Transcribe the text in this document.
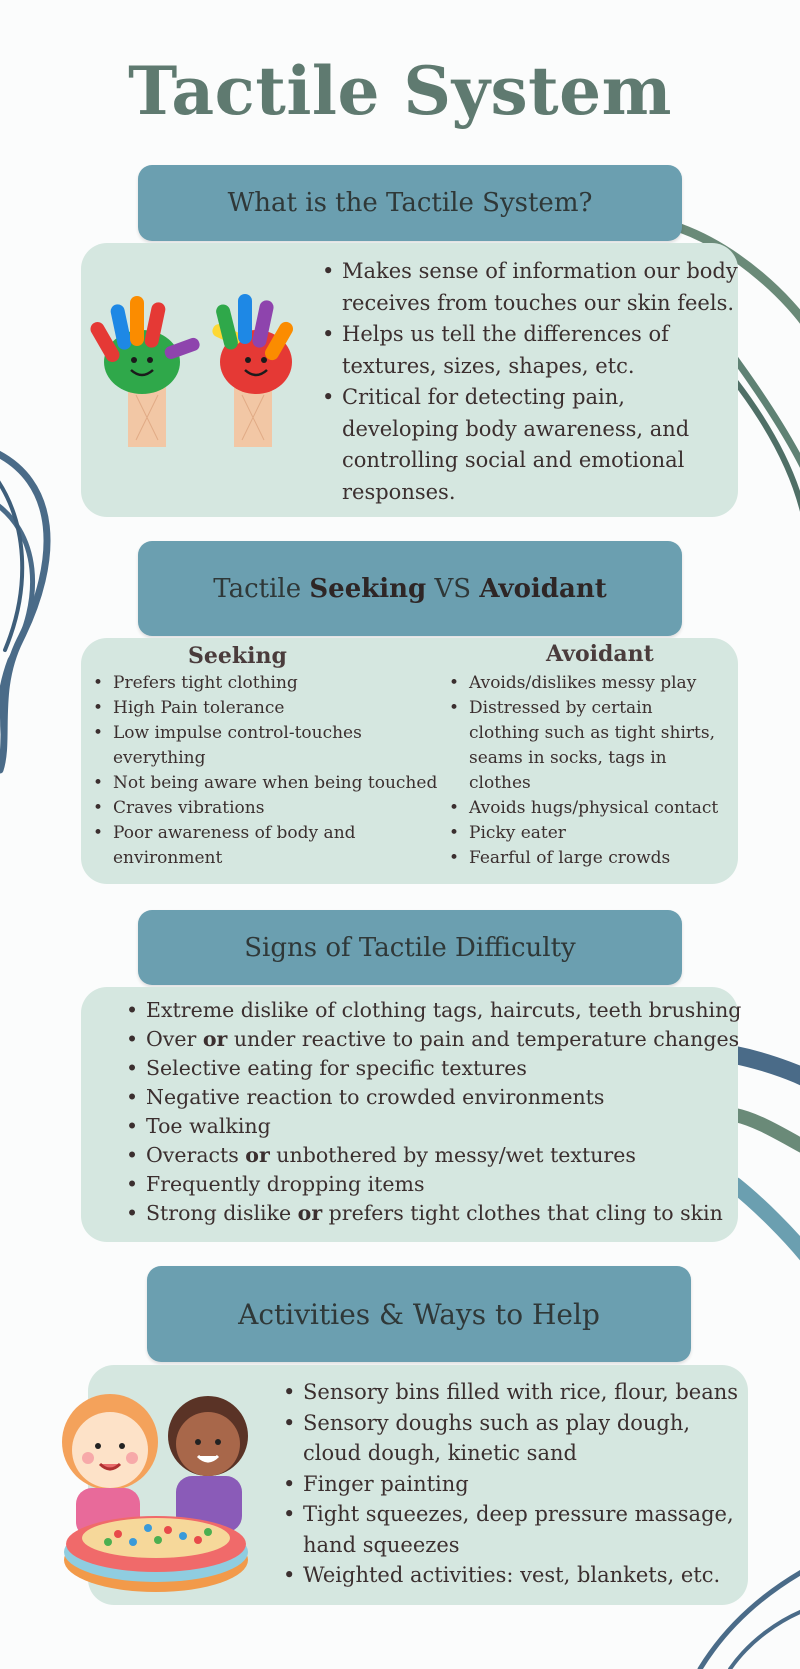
Tactile System
What is the Tactile System?
• Makes sense of information our body receives from touches our skin feels.
• Helps us tell the differences of textures, sizes, shapes, etc.
• Critical for detecting pain, developing body awareness, and controlling social and emotional responses.
Tactile Seeking VS Avoidant
Seeking
• Prefers tight clothing
• High Pain tolerance
• Low impulse control-touches everything
• Not being aware when being touched
• Craves vibrations
• Poor awareness of body and environment
Avoidant
• Avoids/dislikes messy play
• Distressed by certain clothing such as tight shirts, seams in socks, tags in clothes
• Avoids hugs/physical contact
• Picky eater
• Fearful of large crowds
Signs of Tactile Difficulty
• Extreme dislike of clothing tags, haircuts, teeth brushing
• Over or under reactive to pain and temperature changes
• Selective eating for specific textures
• Negative reaction to crowded environments
• Toe walking
• Overacts or unbothered by messy/wet textures
• Frequently dropping items
• Strong dislike or prefers tight clothes that cling to skin
Activities & Ways to Help
• Sensory bins filled with rice, flour, beans
• Sensory doughs such as play dough, cloud dough, kinetic sand
• Finger painting
• Tight squeezes, deep pressure massage, hand squeezes
• Weighted activities: vest, blankets, etc.
